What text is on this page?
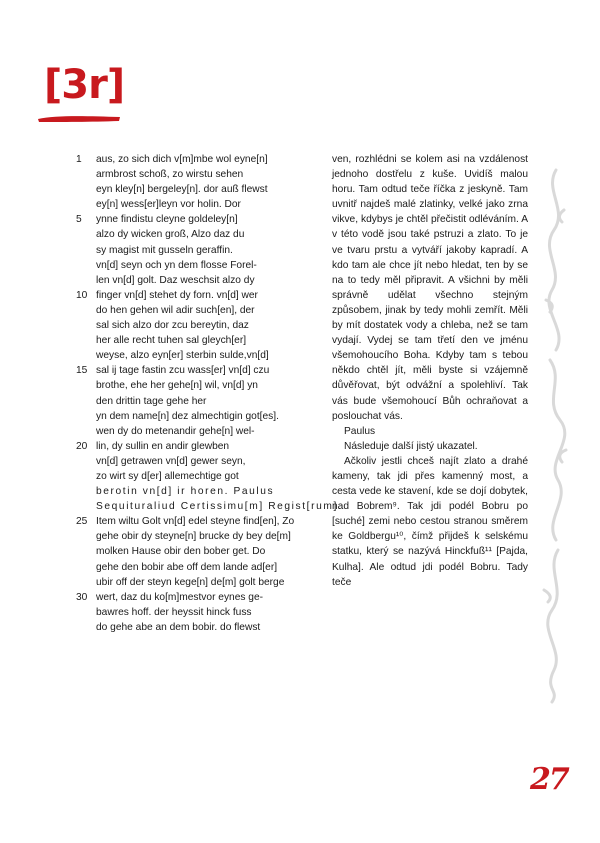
[3r]
1 aus, zo sich dich v[m]mbe wol eyne[n]
armbrost schoß, zo wirstu sehen
eyn kley[n] bergeley[n]. dor auß flewst
ey[n] wess[er]leyn vor holin. Dor
5 ynne findistu cleyne goldeley[n]
alzo dy wicken groß, Alzo daz du
sy magist mit gusseln geraffin.
vn[d] seyn och yn dem flosse Forel-
len vn[d] golt. Daz weschsit alzo dy
10 finger vn[d] stehet dy forn. vn[d] wer
do hen gehen wil adir such[en], der
sal sich alzo dor zcu bereytin, daz
her alle recht tuhen sal gleych[er]
weyse, alzo eyn[er] sterbin sulde,vn[d]
15 sal ij tage fastin zcu wass[er] vn[d] czu
brothe, ehe her gehe[n] wil, vn[d] yn
den drittin tage gehe her
yn dem name[n] dez almechtigin got[es].
wen dy do metenandir gehe[n] wel-
20 lin, dy sullin en andir glewben
vn[d] getrawen vn[d] gewer seyn,
zo wirt sy d[er] allemechtige got
berotin vn[d] ir horen. Paulus
Sequituraliud Certissimu[m] Regist[rum].
25 Item wiltu Golt vn[d] edel steyne find[en], Zo
gehe obir dy steyne[n] brucke dy bey de[m]
molken Hause obir den bober get. Do
gehe den bobir abe off dem lande ad[er]
ubir off der steyn kege[n] de[m] golt berge
30 wert, daz du ko[m]mestvor eynes ge-
bawres hoff. der heyssit hinck fuss
do gehe abe an dem bobir. do flewst

ven, rozhlédni se kolem asi na vzdálenost jednoho dostřelu z kuše. Uvidíš malou horu. Tam odtud teče říčka z jeskyně. Tam uvnitř najdeš malé zlatinky, velké jako zrna vikve, kdybys je chtěl přečistit odléváním. A v této vodě jsou také pstruzi a zlato. To je ve tvaru prstu a vytváří jakoby kapradí. A kdo tam ale chce jít nebo hledat, ten by se na to tedy měl připravit. A všichni by měli správně udělat všechno stejným způsobem, jinak by tedy mohli zemřít. Měli by mít dostatek vody a chleba, než se tam vydají. Vydej se tam třetí den ve jménu všemohoucího Boha. Kdyby tam s tebou někdo chtěl jít, měli byste si vzájemně důvěřovat, být odvážní a spolehliví. Tak vás bude všemohoucí Bůh ochraňovat a poslouchat vás.

Paulus

Následuje další jistý ukazatel.

Ačkoliv jestli chceš najít zlato a drahé kameny, tak jdi přes kamenný most, a cesta vede ke stavení, kde se dojí dobytek, nad Bobrem⁹. Tak jdi podél Bobru po [suché] zemi nebo cestou stranou směrem ke Goldbergu¹⁰, čímž přijdeš k selskému statku, který se nazývá Hinckfuß¹¹ [Pajda, Kulha]. Ale odtud jdi podél Bobru. Tady teče

27
